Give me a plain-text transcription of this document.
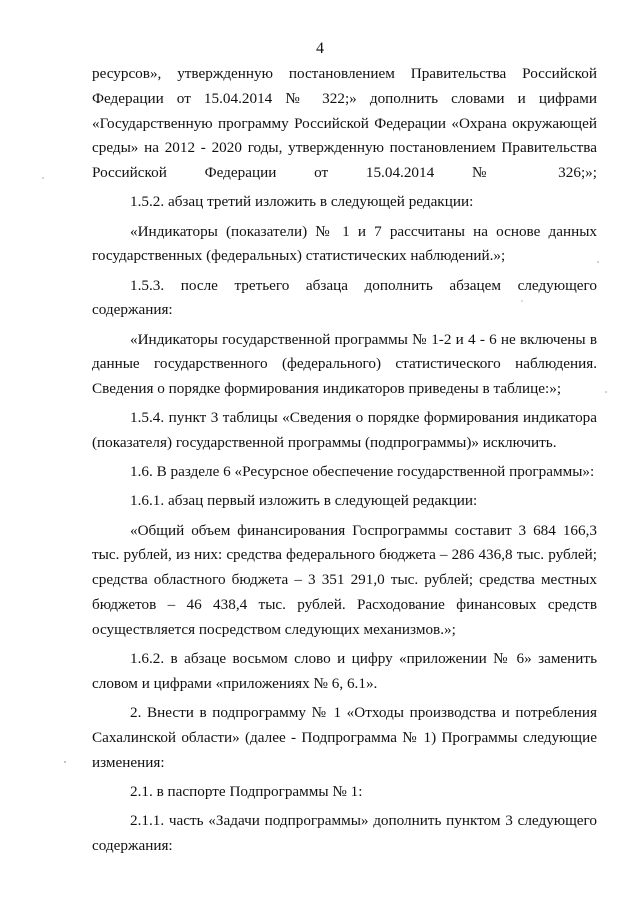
4

ресурсов», утвержденную постановлением Правительства Российской Федерации от 15.04.2014 № 322;» дополнить словами и цифрами «Государственную программу Российской Федерации «Охрана окружающей среды» на 2012 - 2020 годы, утвержденную постановлением Правительства Российской Федерации от 15.04.2014 № 326;»;

1.5.2. абзац третий изложить в следующей редакции:

«Индикаторы (показатели) № 1 и 7 рассчитаны на основе данных государственных (федеральных) статистических наблюдений.»;

1.5.3. после третьего абзаца дополнить абзацем следующего содержания:

«Индикаторы государственной программы № 1-2 и 4 - 6 не включены в данные государственного (федерального) статистического наблюдения. Сведения о порядке формирования индикаторов приведены в таблице:»;

1.5.4. пункт 3 таблицы «Сведения о порядке формирования индикатора (показателя) государственной программы (подпрограммы)» исключить.

1.6. В разделе 6 «Ресурсное обеспечение государственной программы»:

1.6.1. абзац первый изложить в следующей редакции:

«Общий объем финансирования Госпрограммы составит 3 684 166,3 тыс. рублей, из них: средства федерального бюджета – 286 436,8 тыс. рублей; средства областного бюджета – 3 351 291,0 тыс. рублей; средства местных бюджетов – 46 438,4 тыс. рублей. Расходование финансовых средств осуществляется посредством следующих механизмов.»;

1.6.2. в абзаце восьмом слово и цифру «приложении № 6» заменить словом и цифрами «приложениях № 6, 6.1».

2. Внести в подпрограмму № 1 «Отходы производства и потребления Сахалинской области» (далее - Подпрограмма № 1) Программы следующие изменения:

2.1. в паспорте Подпрограммы № 1:

2.1.1. часть «Задачи подпрограммы» дополнить пунктом 3 следующего содержания:
